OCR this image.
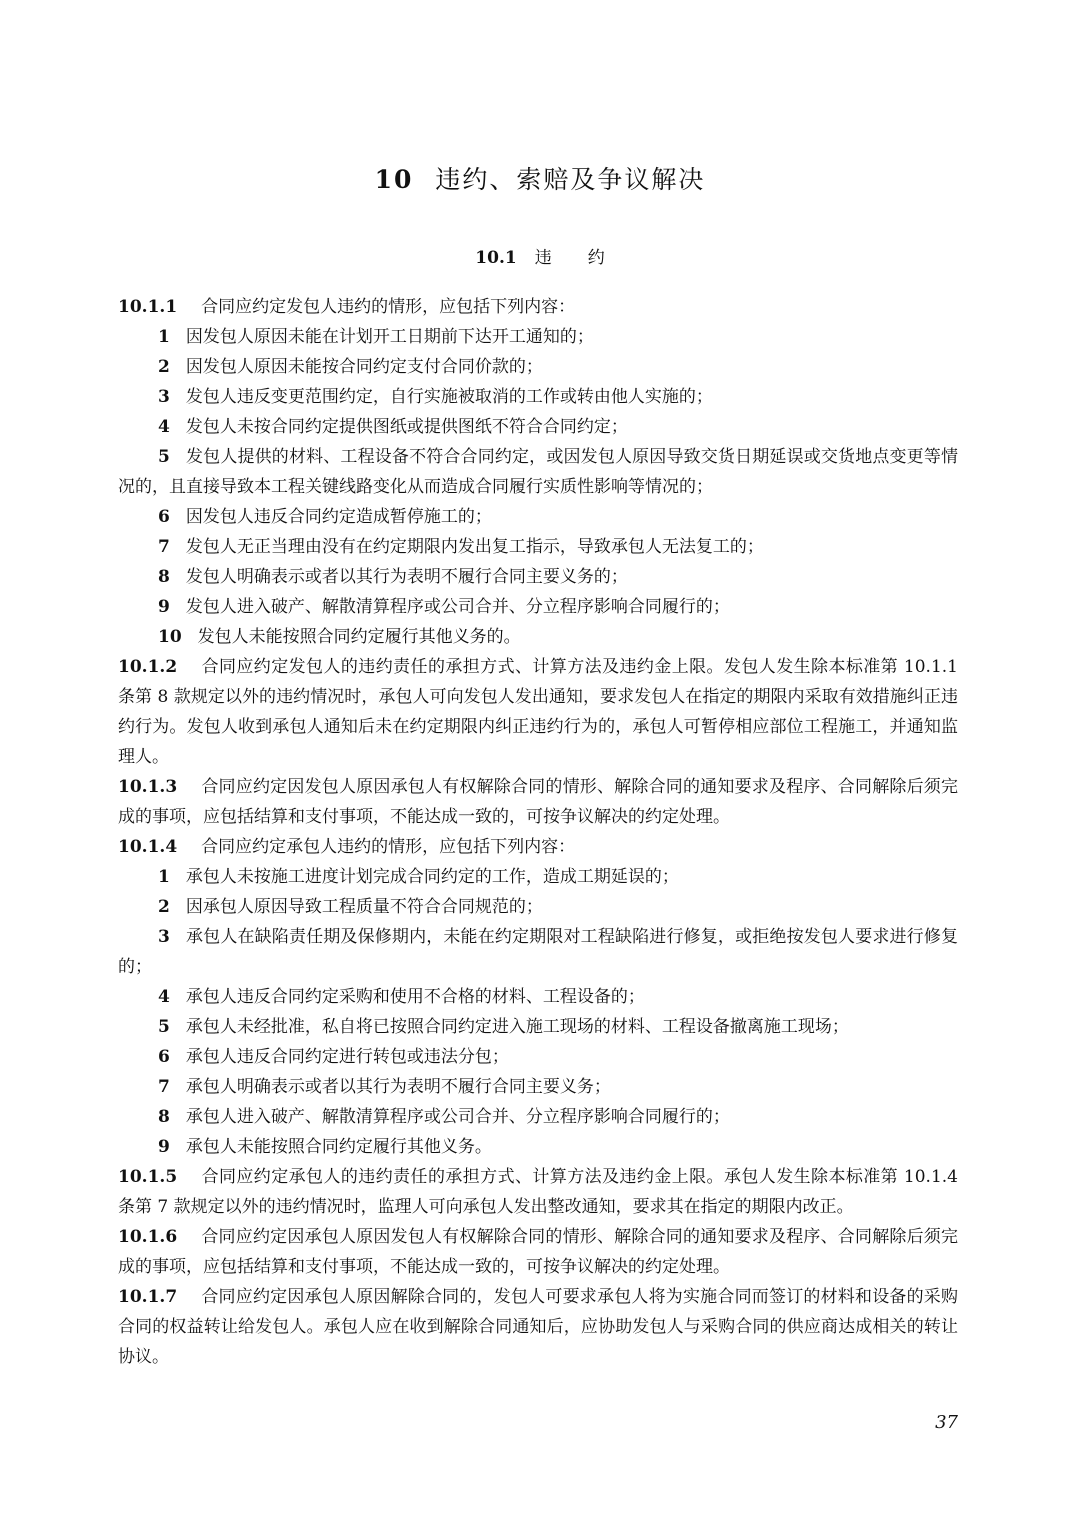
10 违约、索赔及争议解决
10.1 违约

10.1.1 合同应约定发包人违约的情形，应包括下列内容：

1 因发包人原因未能在计划开工日期前下达开工通知的；

2 因发包人原因未能按合同约定支付合同价款的；

3 发包人违反变更范围约定，自行实施被取消的工作或转由他人实施的；

4 发包人未按合同约定提供图纸或提供图纸不符合合同约定；

5 发包人提供的材料、工程设备不符合合同约定，或因发包人原因导致交货日期延误或交货地点变更等情况的，且直接导致本工程关键线路变化从而造成合同履行实质性影响等情况的；

6 因发包人违反合同约定造成暂停施工的；

7 发包人无正当理由没有在约定期限内发出复工指示，导致承包人无法复工的；

8 发包人明确表示或者以其行为表明不履行合同主要义务的；

9 发包人进入破产、解散清算程序或公司合并、分立程序影响合同履行的；

10 发包人未能按照合同约定履行其他义务的。

10.1.2 合同应约定发包人的违约责任的承担方式、计算方法及违约金上限。发包人发生除本标准第 10.1.1 条第 8 款规定以外的违约情况时，承包人可向发包人发出通知，要求发包人在指定的期限内采取有效措施纠正违约行为。发包人收到承包人通知后未在约定期限内纠正违约行为的，承包人可暂停相应部位工程施工，并通知监理人。

10.1.3 合同应约定因发包人原因承包人有权解除合同的情形、解除合同的通知要求及程序、合同解除后须完成的事项，应包括结算和支付事项，不能达成一致的，可按争议解决的约定处理。

10.1.4 合同应约定承包人违约的情形，应包括下列内容：

1 承包人未按施工进度计划完成合同约定的工作，造成工期延误的；

2 因承包人原因导致工程质量不符合合同规范的；

3 承包人在缺陷责任期及保修期内，未能在约定期限对工程缺陷进行修复，或拒绝按发包人要求进行修复的；

4 承包人违反合同约定采购和使用不合格的材料、工程设备的；

5 承包人未经批准，私自将已按照合同约定进入施工现场的材料、工程设备撤离施工现场；

6 承包人违反合同约定进行转包或违法分包；

7 承包人明确表示或者以其行为表明不履行合同主要义务；

8 承包人进入破产、解散清算程序或公司合并、分立程序影响合同履行的；

9 承包人未能按照合同约定履行其他义务。

10.1.5 合同应约定承包人的违约责任的承担方式、计算方法及违约金上限。承包人发生除本标准第 10.1.4 条第 7 款规定以外的违约情况时，监理人可向承包人发出整改通知，要求其在指定的期限内改正。

10.1.6 合同应约定因承包人原因发包人有权解除合同的情形、解除合同的通知要求及程序、合同解除后须完成的事项，应包括结算和支付事项，不能达成一致的，可按争议解决的约定处理。

10.1.7 合同应约定因承包人原因解除合同的，发包人可要求承包人将为实施合同而签订的材料和设备的采购合同的权益转让给发包人。承包人应在收到解除合同通知后，应协助发包人与采购合同的供应商达成相关的转让协议。

37
